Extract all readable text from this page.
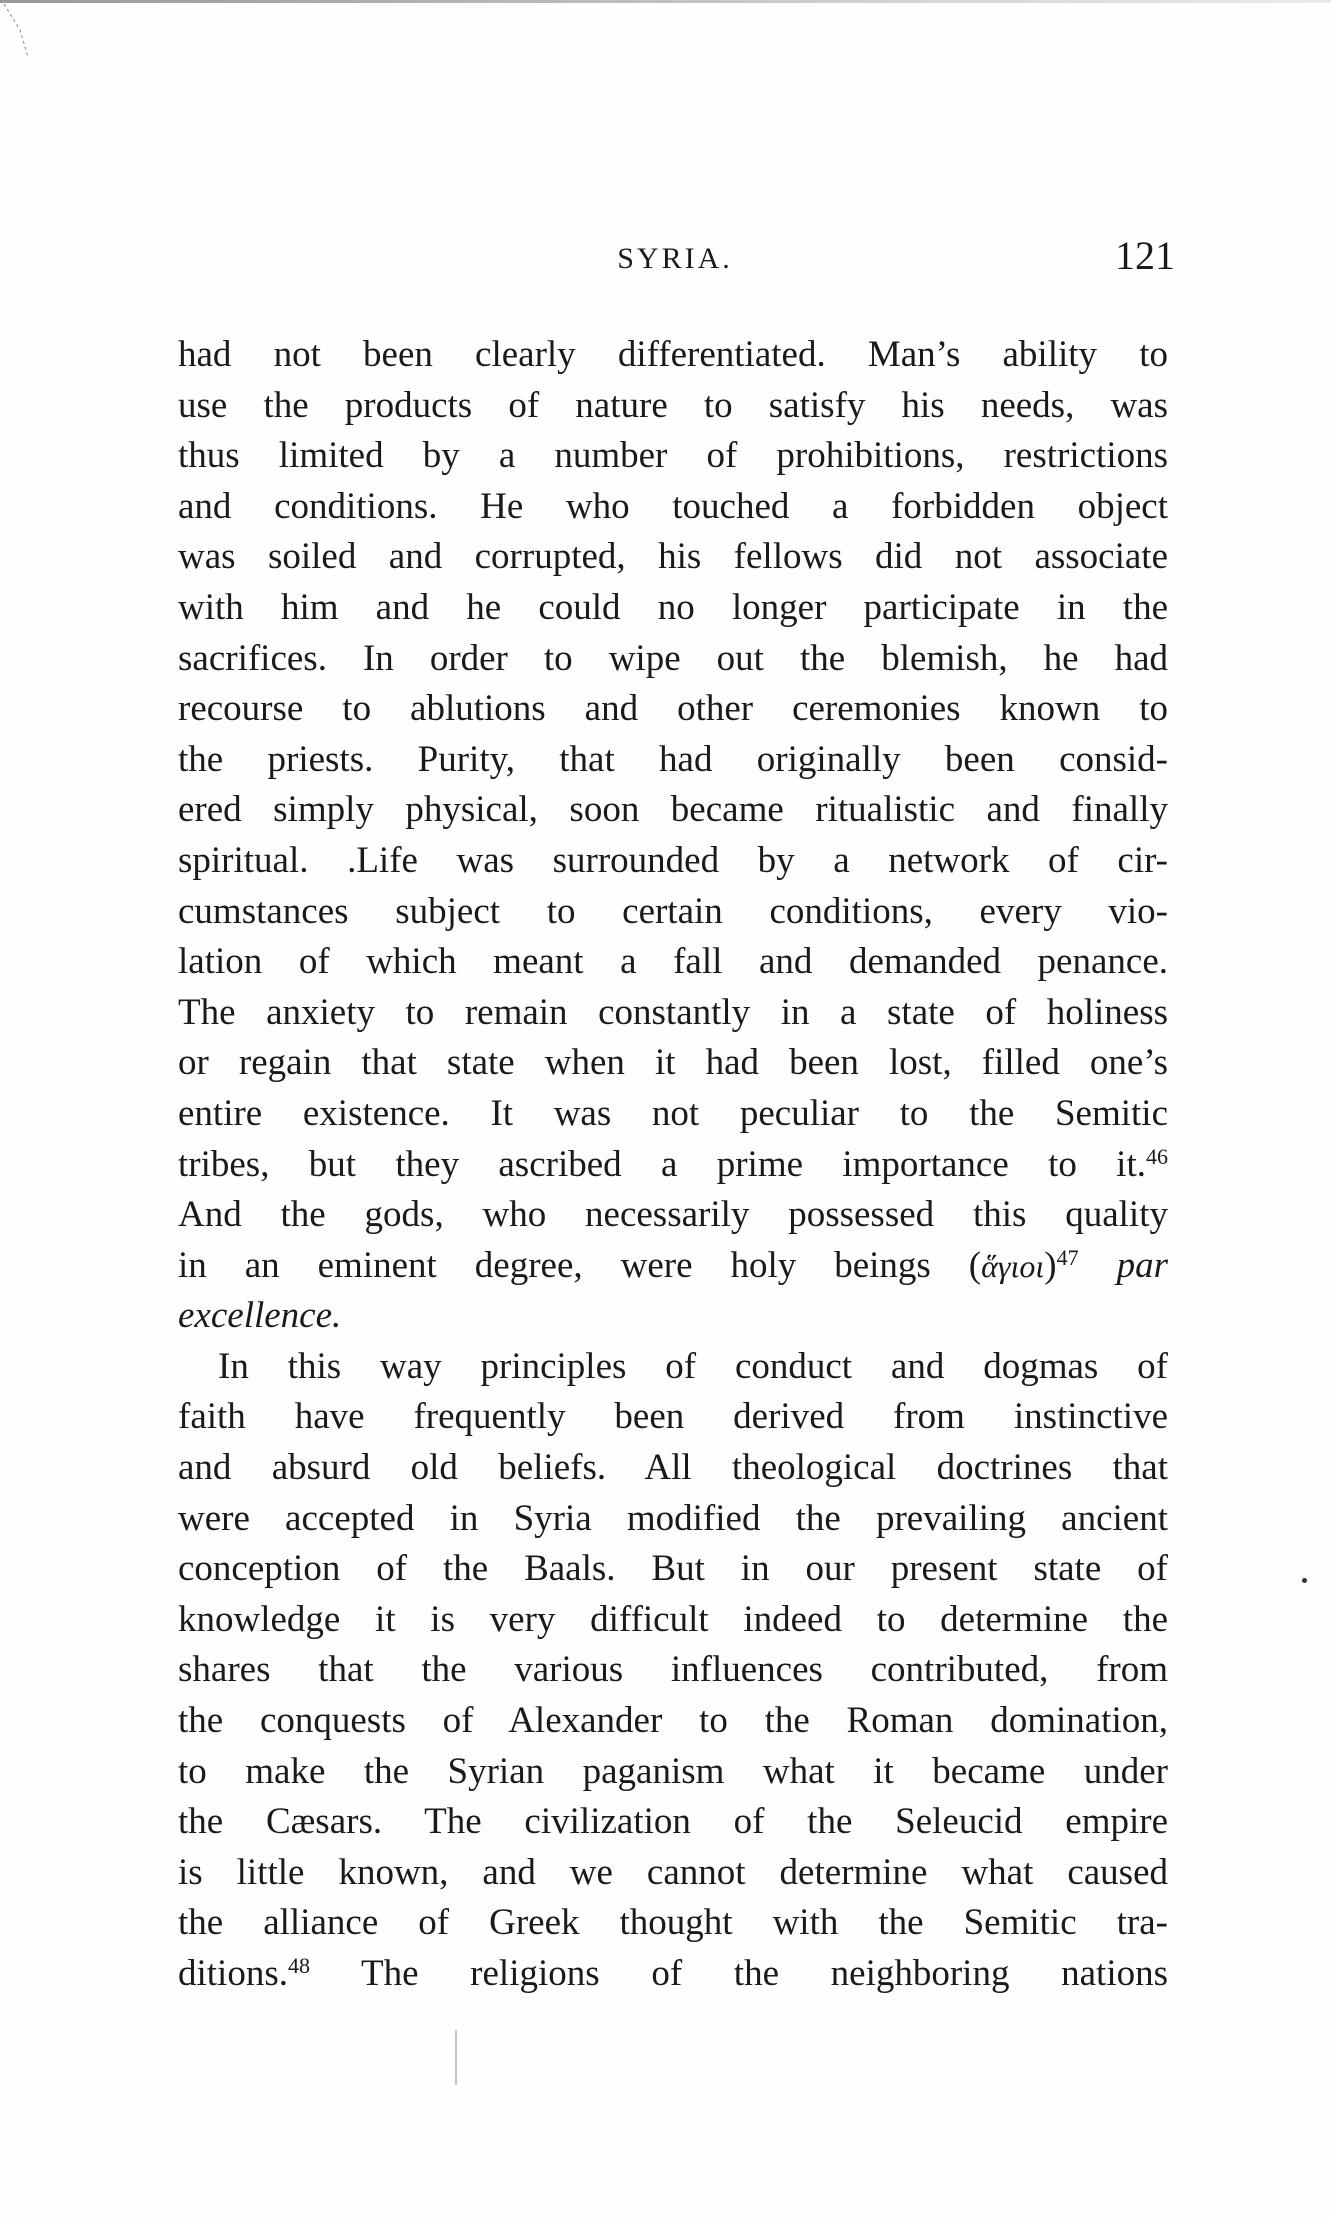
SYRIA.	121
had not been clearly differentiated. Man’s ability to
use the products of nature to satisfy his needs, was
thus limited by a number of prohibitions, restrictions
and conditions. He who touched a forbidden object
was soiled and corrupted, his fellows did not associate
with him and he could no longer participate in the
sacrifices. In order to wipe out the blemish, he had
recourse to ablutions and other ceremonies known to
the priests. Purity, that had originally been consid-
ered simply physical, soon became ritualistic and finally
spiritual. .Life was surrounded by a network of cir-
cumstances subject to certain conditions, every vio-
lation of which meant a fall and demanded penance.
The anxiety to remain constantly in a state of holiness
or regain that state when it had been lost, filled one’s
entire existence. It was not peculiar to the Semitic
tribes, but they ascribed a prime importance to it.$^{46}$
And the gods, who necessarily possessed this quality
in an eminent degree, were holy beings (ἅγιοι)$^{47}$ par
excellence.
In this way principles of conduct and dogmas of
faith have frequently been derived from instinctive
and absurd old beliefs. All theological doctrines that
were accepted in Syria modified the prevailing ancient
conception of the Baals. But in our present state of
knowledge it is very difficult indeed to determine the
shares that the various influences contributed, from
the conquests of Alexander to the Roman domination,
to make the Syrian paganism what it became under
the Cæsars. The civilization of the Seleucid empire
is little known, and we cannot determine what caused
the alliance of Greek thought with the Semitic tra-
ditions.$^{48}$ The religions of the neighboring nations
